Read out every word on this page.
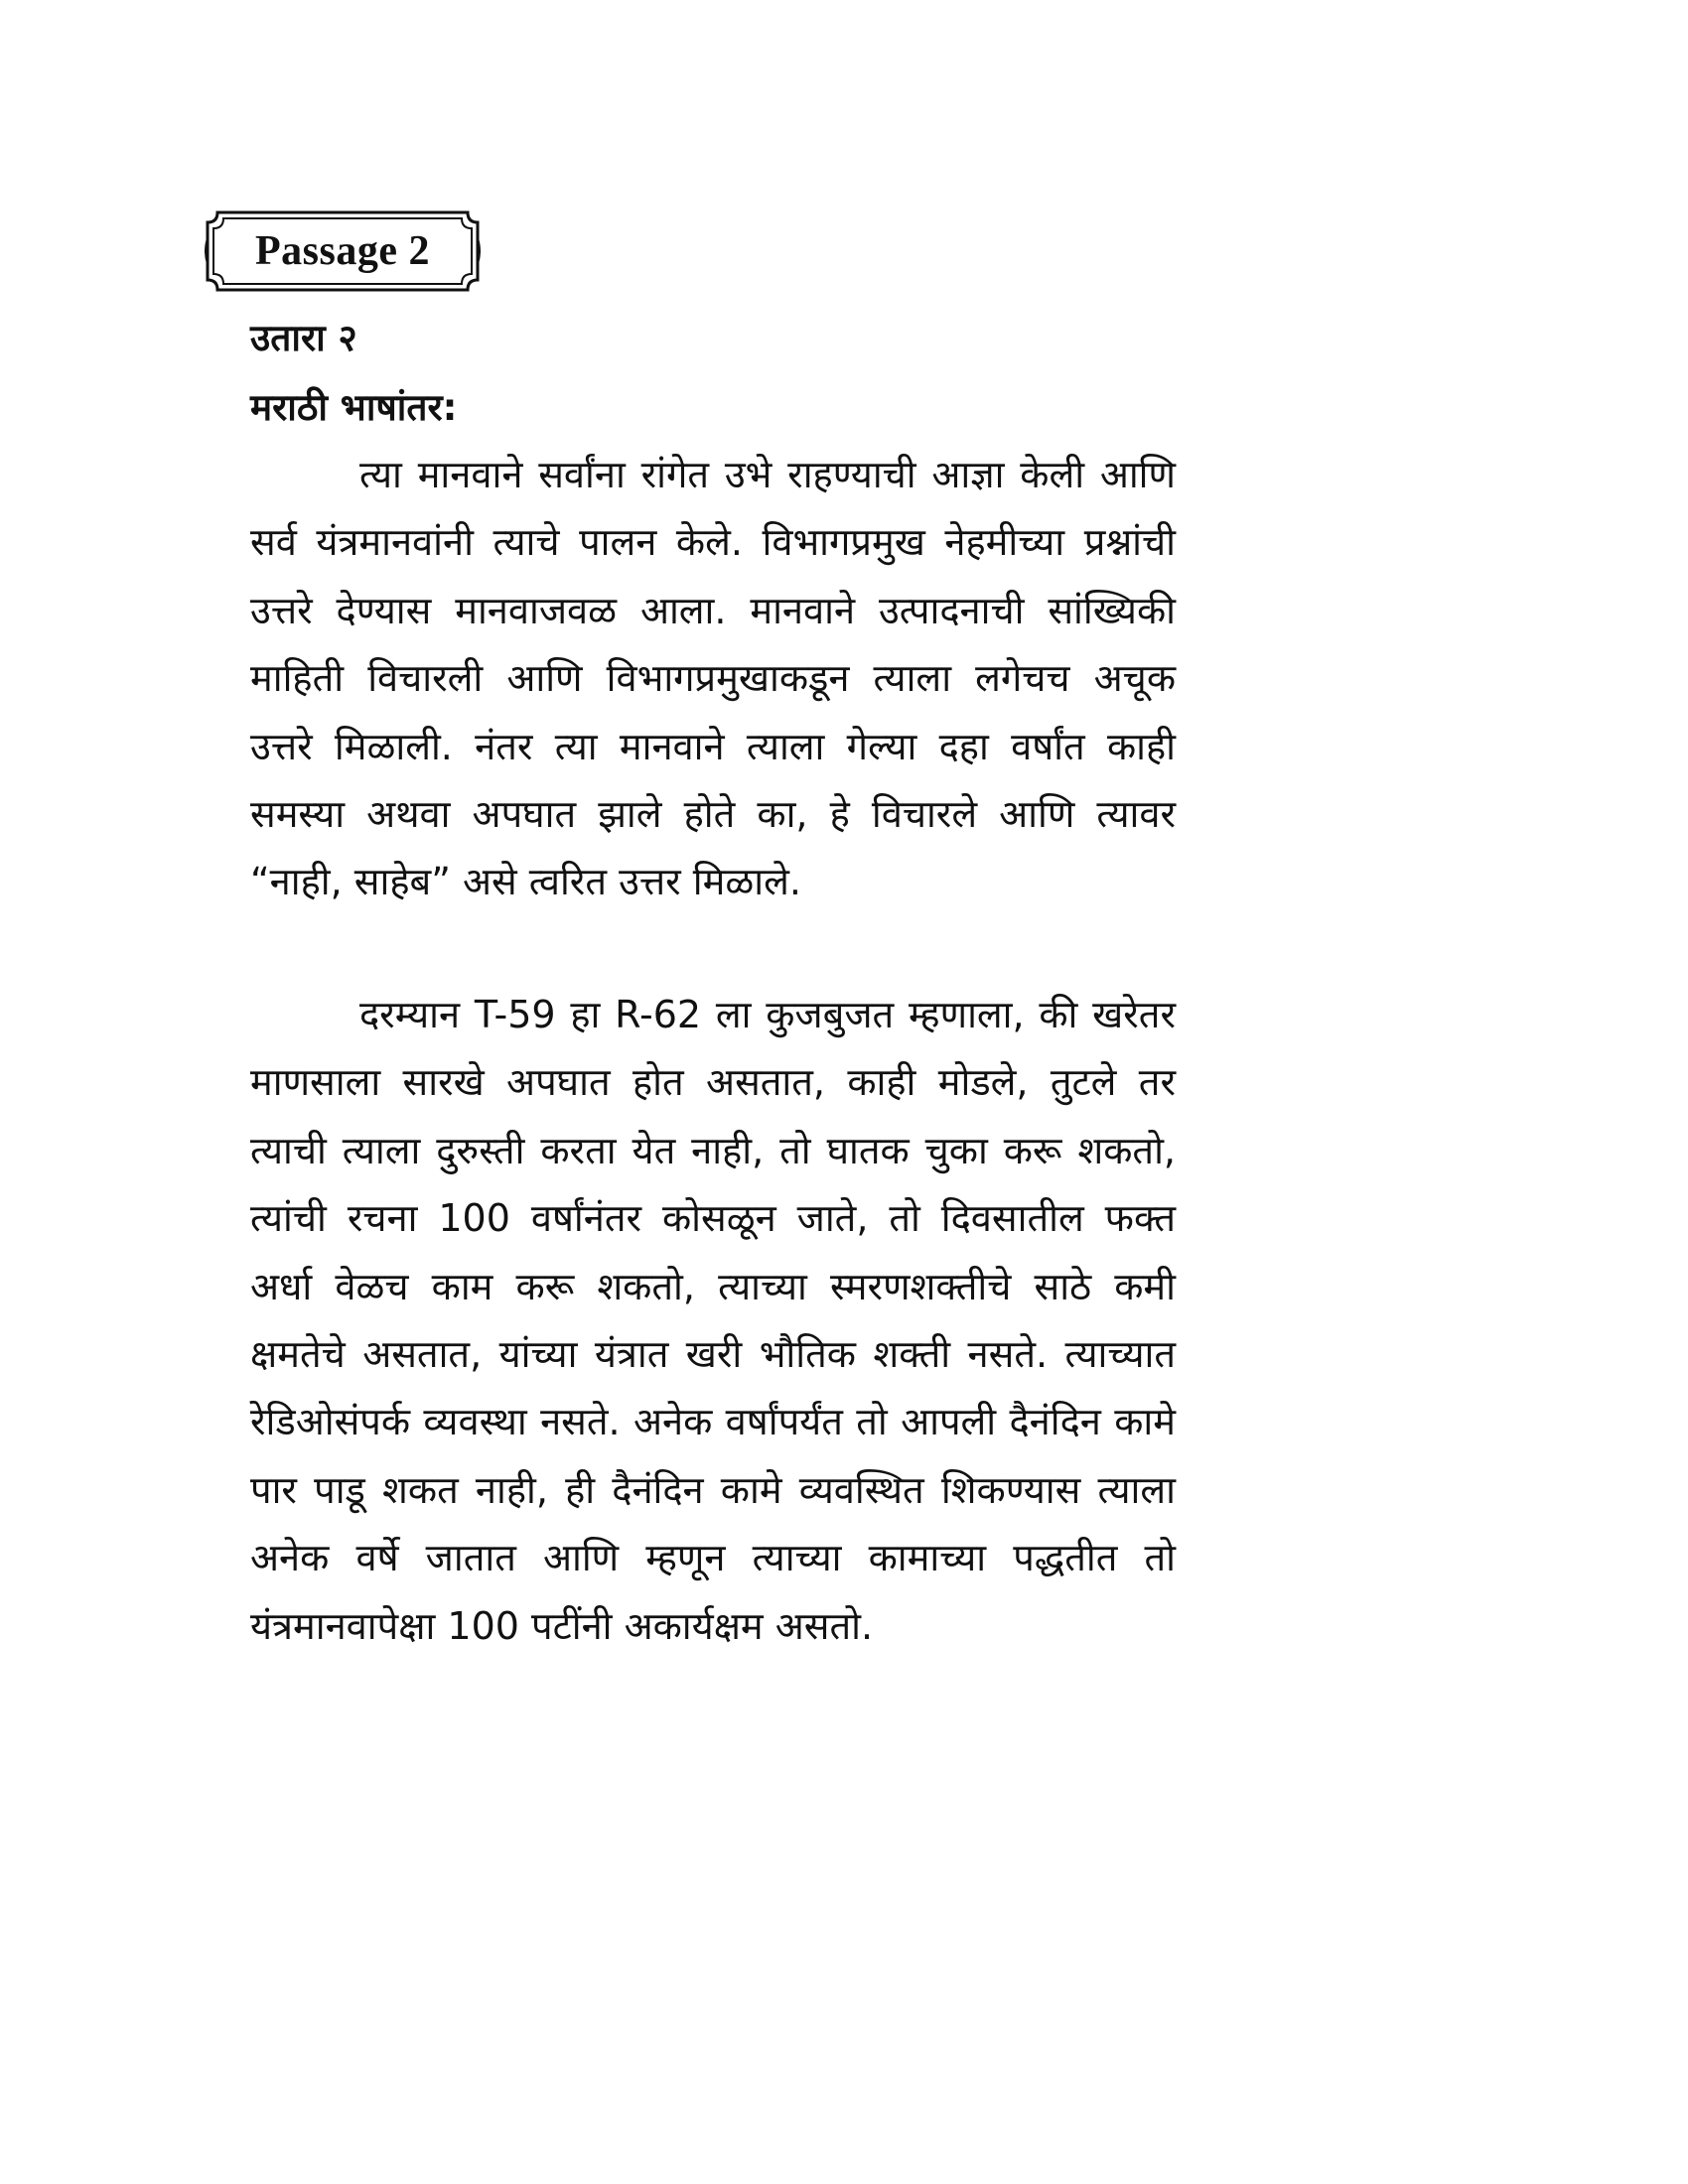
Passage 2
उतारा २
मराठी भाषांतर:

त्या मानवाने सर्वांना रांगेत उभे राहण्याची आज्ञा केली आणि सर्व यंत्रमानवांनी त्याचे पालन केले. विभागप्रमुख नेहमीच्या प्रश्नांची उत्तरे देण्यास मानवाजवळ आला. मानवाने उत्पादनाची सांख्यिकी माहिती विचारली आणि विभागप्रमुखाकडून त्याला लगेचच अचूक उत्तरे मिळाली. नंतर त्या मानवाने त्याला गेल्या दहा वर्षांत काही समस्या अथवा अपघात झाले होते का, हे विचारले आणि त्यावर “नाही, साहेब” असे त्वरित उत्तर मिळाले.

दरम्यान T-59 हा R-62 ला कुजबुजत म्हणाला, की खरेतर माणसाला सारखे अपघात होत असतात, काही मोडले, तुटले तर त्याची त्याला दुरुस्ती करता येत नाही, तो घातक चुका करू शकतो, त्यांची रचना 100 वर्षांनंतर कोसळून जाते, तो दिवसातील फक्त अर्धा वेळच काम करू शकतो, त्याच्या स्मरणशक्तीचे साठे कमी क्षमतेचे असतात, यांच्या यंत्रात खरी भौतिक शक्ती नसते. त्याच्यात रेडिओसंपर्क व्यवस्था नसते. अनेक वर्षांपर्यंत तो आपली दैनंदिन कामे पार पाडू शकत नाही, ही दैनंदिन कामे व्यवस्थित शिकण्यास त्याला अनेक वर्षे जातात आणि म्हणून त्याच्या कामाच्या पद्धतीत तो यंत्रमानवापेक्षा 100 पटींनी अकार्यक्षम असतो.
